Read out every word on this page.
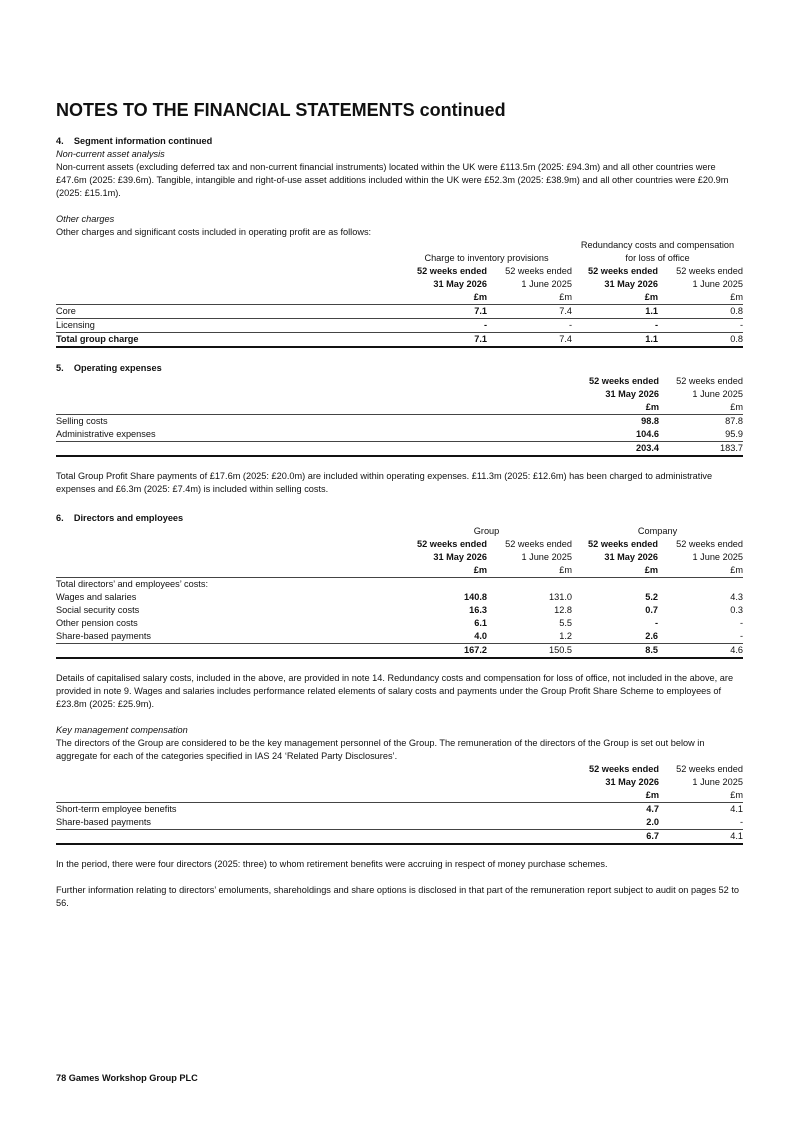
NOTES TO THE FINANCIAL STATEMENTS continued

4.    Segment information continued

Non-current asset analysis

Non-current assets (excluding deferred tax and non-current financial instruments) located within the UK were £113.5m (2025: £94.3m) and all other countries were £47.6m (2025: £39.6m). Tangible, intangible and right-of-use asset additions included within the UK were £52.3m (2025: £38.9m) and all other countries were £20.9m (2025: £15.1m).

Other charges

Other charges and significant costs included in operating profit are as follows:

			Redundancy costs and compensation	
	Charge to inventory provisions		for loss of office	
	52 weeks ended	52 weeks ended	52 weeks ended	52 weeks ended
	31 May 2026	1 June 2025	31 May 2026	1 June 2025
	£m	£m	£m	£m
Core	7.1	7.4	1.1	0.8
Licensing	-	-	-	-
Total group charge	7.1	7.4	1.1	0.8

5.    Operating expenses

	52 weeks ended	52 weeks ended
	31 May 2026	1 June 2025
	£m	£m
Selling costs	98.8	87.8
Administrative expenses	104.6	95.9
	203.4	183.7

Total Group Profit Share payments of £17.6m (2025: £20.0m) are included within operating expenses. £11.3m (2025: £12.6m) has been charged to administrative expenses and £6.3m (2025: £7.4m) is included within selling costs.

6.    Directors and employees

	Group		Company	
	52 weeks ended	52 weeks ended	52 weeks ended	52 weeks ended
	31 May 2026	1 June 2025	31 May 2026	1 June 2025
	£m	£m	£m	£m
Total directors’ and employees’ costs:				
Wages and salaries	140.8	131.0	5.2	4.3
Social security costs	16.3	12.8	0.7	0.3
Other pension costs	6.1	5.5	-	-
Share-based payments	4.0	1.2	2.6	-
	167.2	150.5	8.5	4.6

Details of capitalised salary costs, included in the above, are provided in note 14. Redundancy costs and compensation for loss of office, not included in the above, are provided in note 9. Wages and salaries includes performance related elements of salary costs and payments under the Group Profit Share Scheme to employees of £23.8m (2025: £25.9m).

Key management compensation

The directors of the Group are considered to be the key management personnel of the Group. The remuneration of the directors of the Group is set out below in aggregate for each of the categories specified in IAS 24 ‘Related Party Disclosures’.

	52 weeks ended	52 weeks ended
	31 May 2026	1 June 2025
	£m	£m
Short-term employee benefits	4.7	4.1
Share-based payments	2.0	-
	6.7	4.1

In the period, there were four directors (2025: three) to whom retirement benefits were accruing in respect of money purchase schemes.

Further information relating to directors’ emoluments, shareholdings and share options is disclosed in that part of the remuneration report subject to audit on pages 52 to 56.

78 Games Workshop Group PLC
